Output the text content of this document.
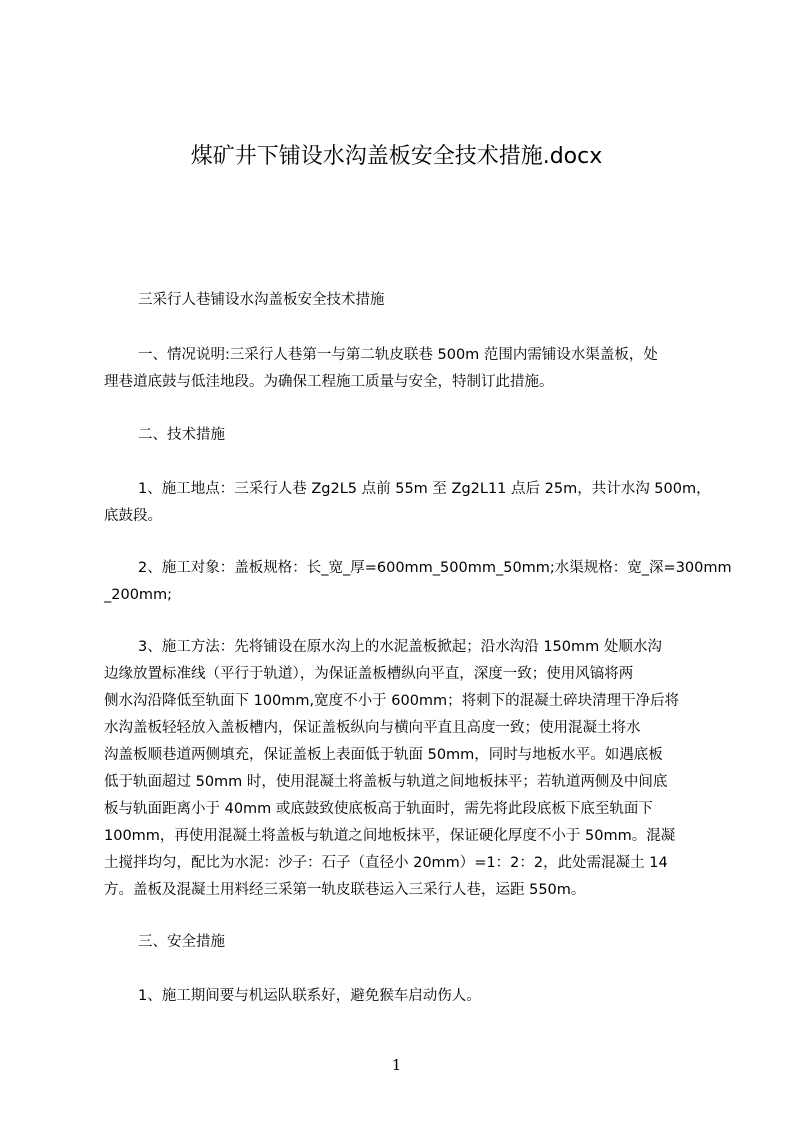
煤矿井下铺设水沟盖板安全技术措施.docx
三采行人巷铺设水沟盖板安全技术措施
一、情况说明:三采行人巷第一与第二轨皮联巷 500m 范围内需铺设水渠盖板，处
理巷道底鼓与低洼地段。为确保工程施工质量与安全，特制订此措施。
二、技术措施
1、施工地点：三采行人巷 Zg2L5 点前 55m 至 Zg2L11 点后 25m，共计水沟 500m，
底鼓段。
2、施工对象：盖板规格：长_宽_厚=600mm_500mm_50mm;水渠规格：宽_深=300mm
_200mm;
3、施工方法：先将铺设在原水沟上的水泥盖板掀起；沿水沟沿 150mm 处顺水沟
边缘放置标准线（平行于轨道），为保证盖板槽纵向平直，深度一致；使用风镐将两
侧水沟沿降低至轨面下 100mm,宽度不小于 600mm；将刺下的混凝土碎块清理干净后将
水沟盖板轻轻放入盖板槽内，保证盖板纵向与横向平直且高度一致；使用混凝土将水
沟盖板顺巷道两侧填充，保证盖板上表面低于轨面 50mm，同时与地板水平。如遇底板
低于轨面超过 50mm 时，使用混凝土将盖板与轨道之间地板抹平；若轨道两侧及中间底
板与轨面距离小于 40mm 或底鼓致使底板高于轨面时，需先将此段底板下底至轨面下
100mm，再使用混凝土将盖板与轨道之间地板抹平，保证硬化厚度不小于 50mm。混凝
土搅拌均匀，配比为水泥：沙子：石子（直径小 20mm）=1：2：2，此处需混凝土 14
方。盖板及混凝土用料经三采第一轨皮联巷运入三采行人巷，运距 550m。
三、安全措施
1、施工期间要与机运队联系好，避免猴车启动伤人。
1
